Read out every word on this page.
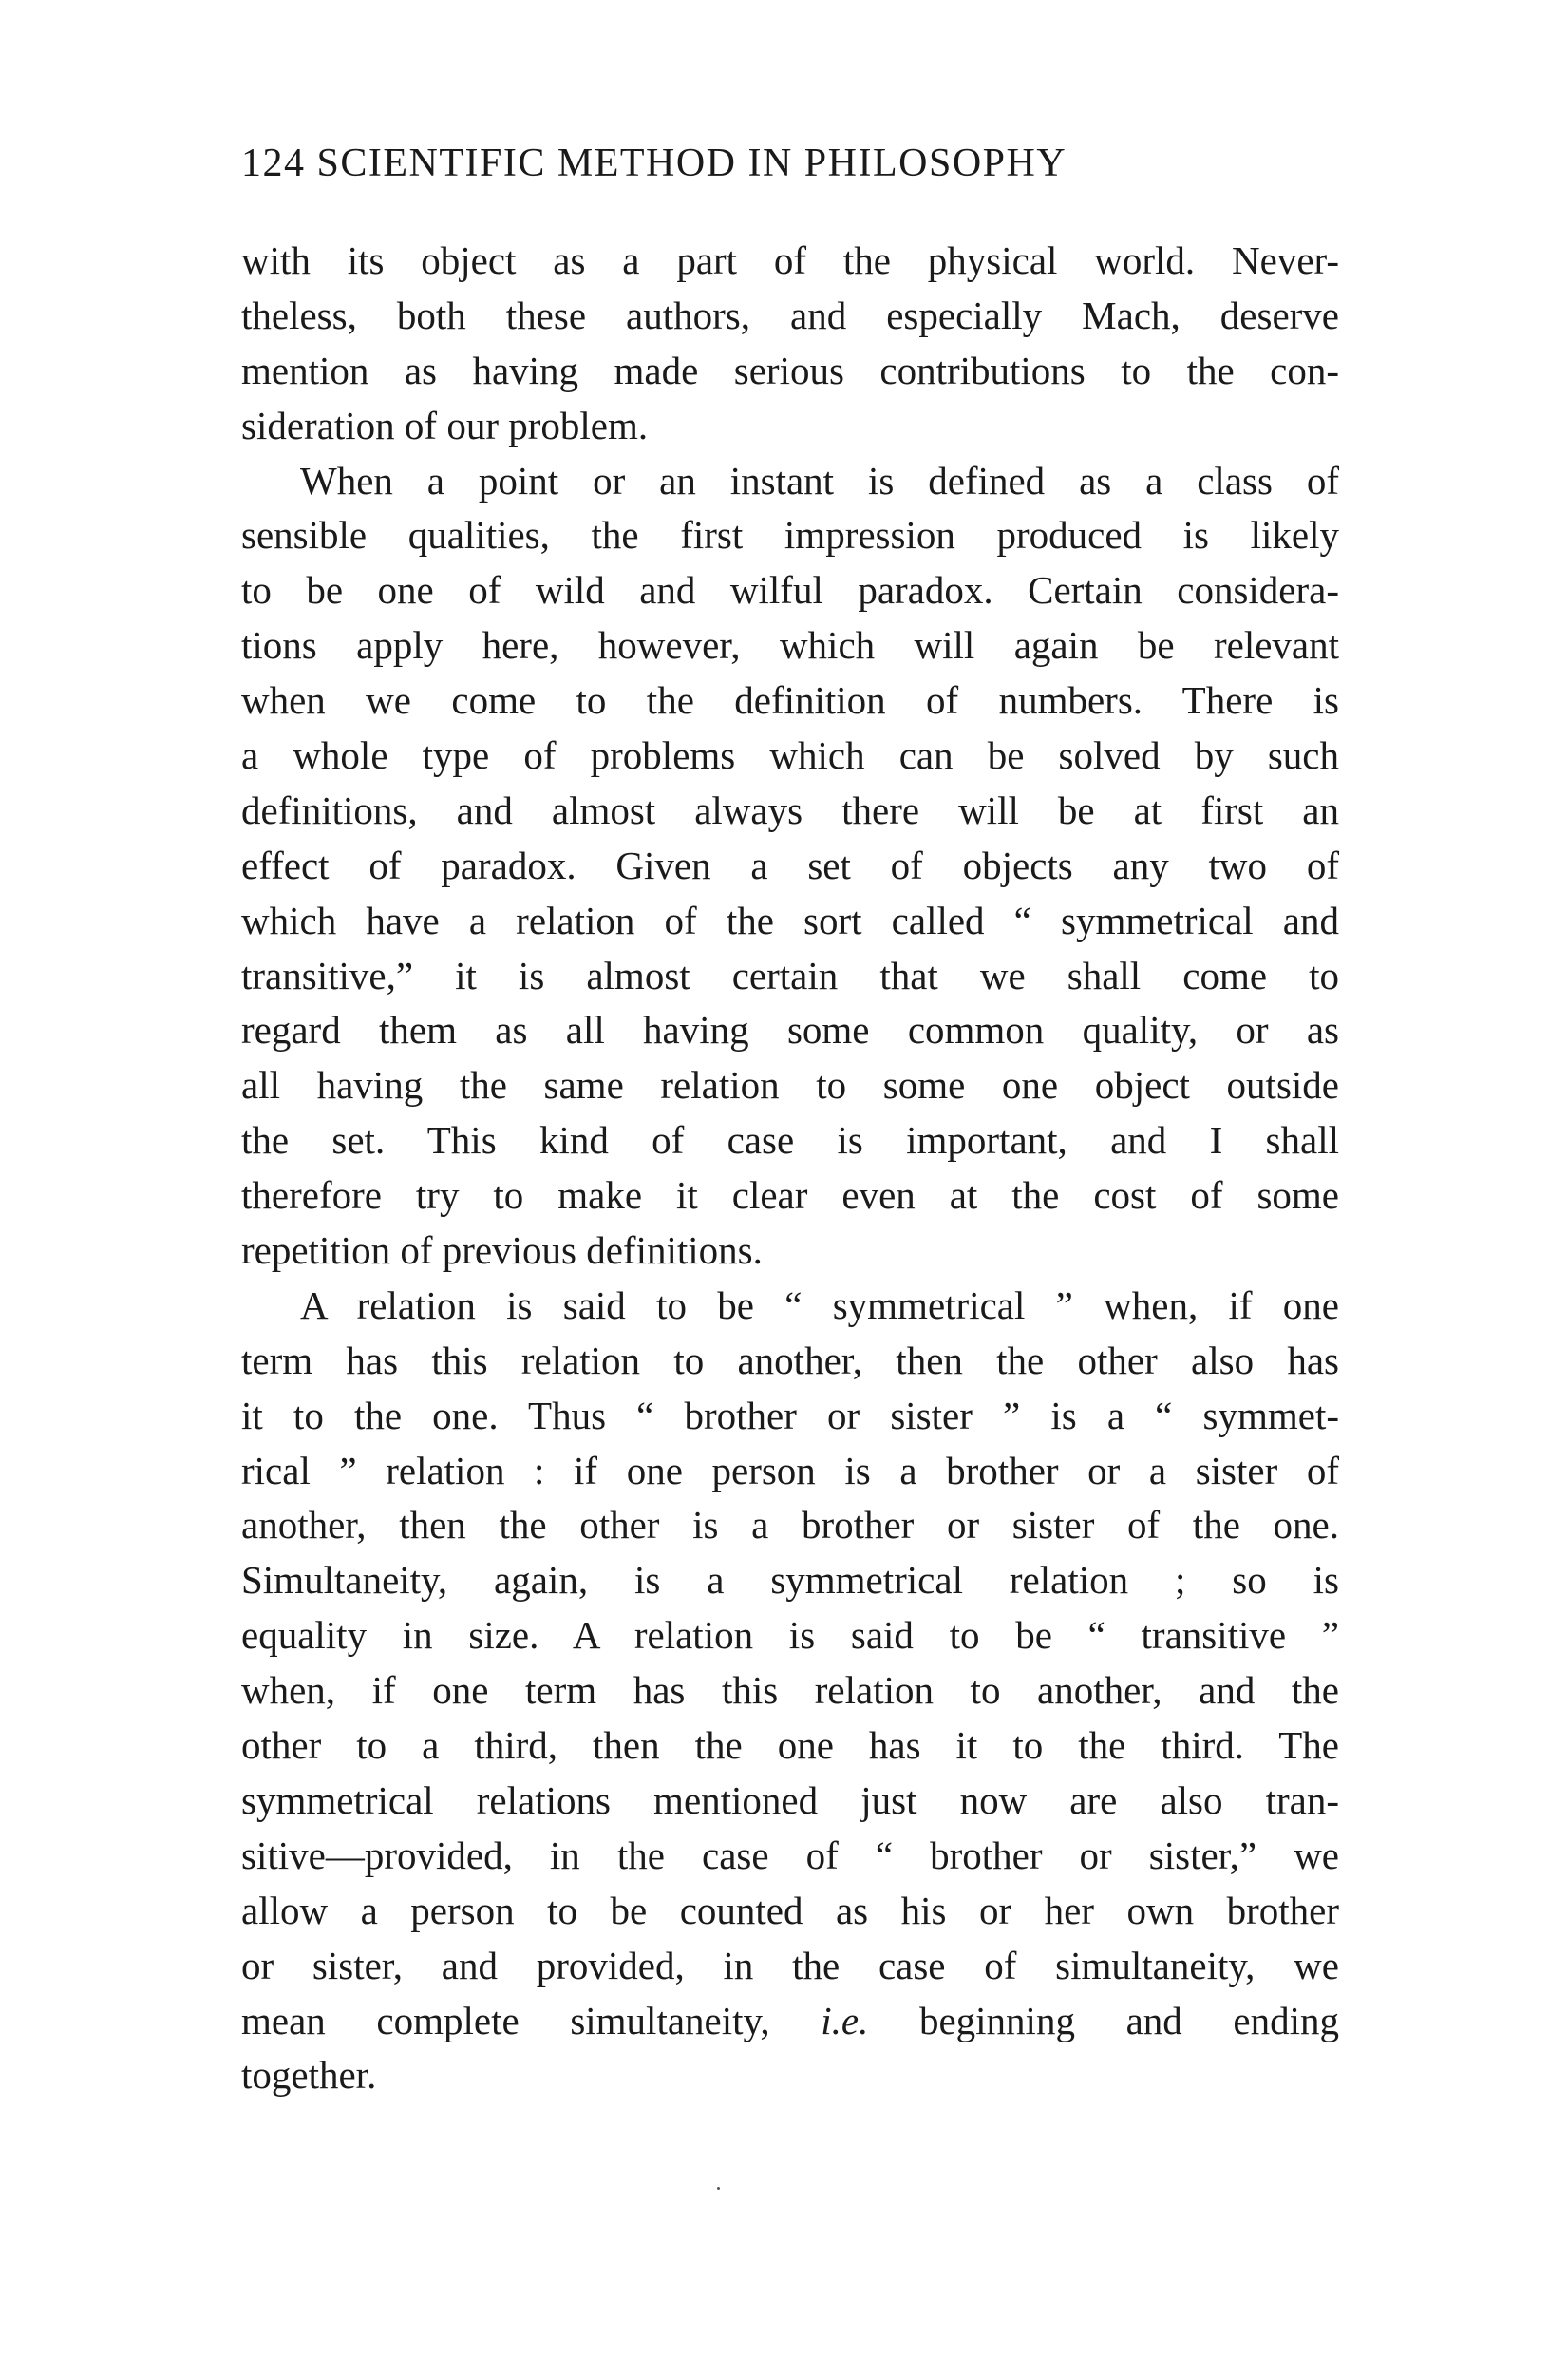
124 SCIENTIFIC METHOD IN PHILOSOPHY
with its object as a part of the physical world. Never-
theless, both these authors, and especially Mach, deserve
mention as having made serious contributions to the con-
sideration of our problem.
When a point or an instant is defined as a class of
sensible qualities, the first impression produced is likely
to be one of wild and wilful paradox. Certain considera-
tions apply here, however, which will again be relevant
when we come to the definition of numbers. There is
a whole type of problems which can be solved by such
definitions, and almost always there will be at first an
effect of paradox. Given a set of objects any two of
which have a relation of the sort called “ symmetrical and
transitive,” it is almost certain that we shall come to
regard them as all having some common quality, or as
all having the same relation to some one object outside
the set. This kind of case is important, and I shall
therefore try to make it clear even at the cost of some
repetition of previous definitions.
A relation is said to be “ symmetrical ” when, if one
term has this relation to another, then the other also has
it to the one. Thus “ brother or sister ” is a “ symmet-
rical ” relation : if one person is a brother or a sister of
another, then the other is a brother or sister of the one.
Simultaneity, again, is a symmetrical relation ; so is
equality in size. A relation is said to be “ transitive ”
when, if one term has this relation to another, and the
other to a third, then the one has it to the third. The
symmetrical relations mentioned just now are also tran-
sitive—provided, in the case of “ brother or sister,” we
allow a person to be counted as his or her own brother
or sister, and provided, in the case of simultaneity, we
mean complete simultaneity, i.e. beginning and ending
together.
